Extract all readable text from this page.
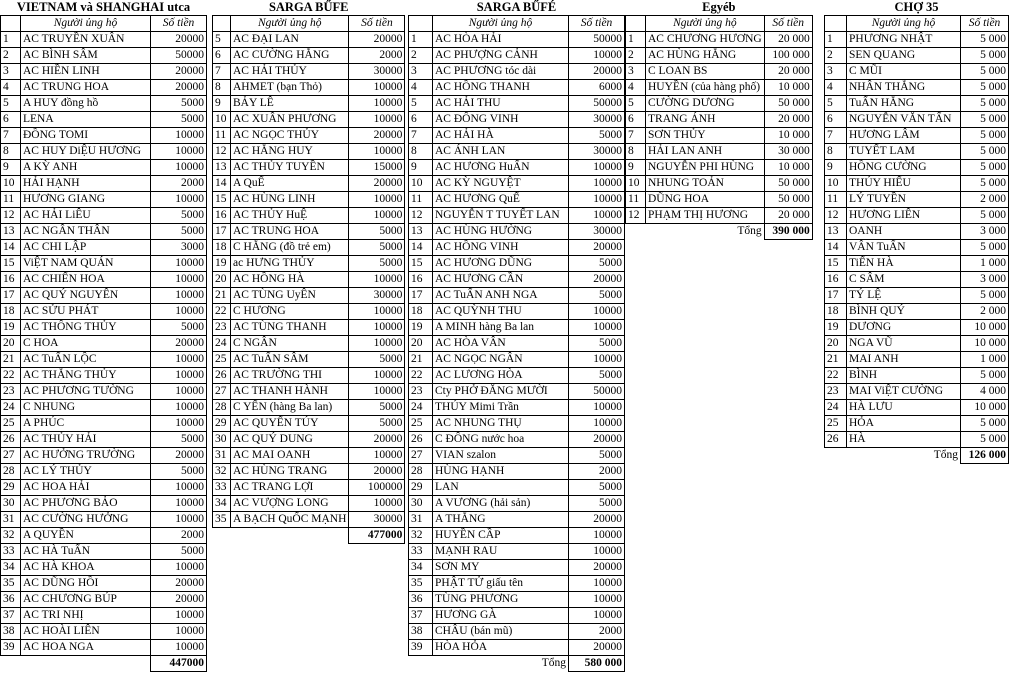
VIETNAM và SHANGHAI utca		
	Người ủng hộ	Số tiền
1	AC TRUYỀN XUÂN	20000
2	AC BÌNH SÂM	50000
3	AC HIỀN LINH	20000
4	AC TRUNG HOA	20000
5	A HUY đồng hồ	5000
6	LENA	5000
7	ĐỒNG TOMI	10000
8	AC HUY DiỆU HƯƠNG	10000
9	A KỲ ANH	10000
10	HẢI HẠNH	2000
11	HƯƠNG GIANG	10000
12	AC HẢI LiÊU	5000
13	AC NGÂN THÂN	5000
14	AC CHI LẬP	3000
15	ViỆT NAM QUÁN	10000
16	AC CHIẾN HOA	10000
17	AC QUÝ NGUYÊN	10000
18	AC SỬU PHÁT	10000
19	AC THÔNG THỦY	5000
20	C HOA	20000
21	AC TuẤN LỘC	10000
22	AC THẮNG THỦY	10000
23	AC PHƯƠNG TƯỜNG	10000
24	C NHUNG	10000
25	A PHÚC	10000
26	AC THỦY HẢI	5000
27	AC HƯỞNG TRƯỜNG	20000
28	AC LÝ THỦY	5000
29	AC HOA HẢI	10000
30	AC PHƯƠNG BẢO	10000
31	AC CƯỜNG HƯỞNG	10000
32	A QUYỀN	2000
33	AC HÀ TuẤN	5000
34	AC HÀ KHOA	10000
35	AC DŨNG HỒI	20000
36	AC CHƯƠNG BÚP	20000
37	AC TRI NHỊ	10000
38	AC HOÀI LIÊN	10000
39	AC HOA NGA	10000
		447000
SARGA BŰFE		
	Người ủng hộ	Số tiền
5	AC ĐẠI LAN	20000
6	AC CƯỜNG HẰNG	2000
7	AC HẢI THỦY	30000
8	AHMET (bạn Thỏ)	10000
9	BẢY LÊ	10000
10	AC XUÂN PHƯƠNG	10000
11	AC NGỌC THỦY	20000
12	AC HẰNG HUY	10000
13	AC THỦY TUYỀN	15000
14	A QuẾ	20000
15	AC HÙNG LINH	10000
16	AC THỦY HuỆ	10000
17	AC TRUNG HOA	5000
18	C HẰNG (đồ trẻ em)	5000
19	ac HƯNG THỦY	5000
20	AC HỒNG HÀ	10000
21	AC TÙNG UyÊN	30000
22	C HƯƠNG	10000
23	AC TÙNG THANH	10000
24	C NGÂN	10000
25	AC TuẤN SÂM	5000
26	AC TRƯỜNG THI	10000
27	AC THANH HÀNH	10000
28	C YẾN (hàng Ba lan)	5000
29	AC QUYẾN TÚY	5000
30	AC QUÝ DUNG	20000
31	AC MAI OANH	10000
32	AC HÙNG TRANG	20000
33	AC TRANG LỢI	100000
34	AC VƯỢNG LONG	10000
35	A BẠCH QuỐC MẠNH	30000
		477000
SARGA BŰFÉ		
	Người ủng hộ	Số tiền
1	AC HÒA HẢI	50000
2	AC PHƯỢNG CẢNH	10000
3	AC PHƯƠNG tóc dài	20000
4	AC HỒNG THANH	6000
5	AC HẢI THU	50000
6	AC ĐÔNG VINH	30000
7	AC HẢI HÀ	5000
8	AC ÁNH LAN	30000
9	AC HƯƠNG HuẤN	10000
10	AC KỲ NGUYỆT	10000
11	AC HƯƠNG QuẾ	10000
12	NGUYỄN T TUYẾT LAN	10000
13	AC HÙNG HƯỜNG	30000
14	AC HỒNG VINH	20000
15	AC HƯƠNG DŨNG	5000
16	AC HƯƠNG CẦN	20000
17	AC TuẤN ANH NGA	5000
18	AC QUỲNH THU	10000
19	A MINH hàng Ba lan	10000
20	AC HÒA VÂN	5000
21	AC NGỌC NGÂN	10000
22	AC LƯƠNG HÒA	5000
23	Cty PHỞ ĐĂNG MƯỜI	50000
24	THÚY Mimi Trần	10000
25	AC NHUNG THỤ	10000
26	C ĐÔNG nước hoa	20000
27	VIAN szalon	5000
28	HÙNG HẠNH	2000
29	LAN	5000
30	A VƯƠNG (hải sản)	5000
31	A THẮNG	20000
32	HUYỀN CẦP	10000
33	MẠNH RAU	10000
34	SƠN MY	20000
35	PHẬT TỬ giấu tên	10000
36	TÙNG PHƯƠNG	10000
37	HƯƠNG GÀ	10000
38	CHÂU (bán mũ)	2000
39	HÒA HỎA	20000
Tổng		580 000
Egyéb		
	Người ủng hộ	Số tiền
1	AC CHƯƠNG HƯƠNG	20 000
2	AC HÙNG HẰNG	100 000
3	C LOAN BS	20 000
4	HUYỀN (của hàng phố)	10 000
5	CƯỜNG DƯƠNG	50 000
6	TRANG ÁNH	20 000
7	SƠN THỦY	10 000
8	HẢI LAN ANH	30 000
9	NGUYỄN PHI HÙNG	10 000
10	NHUNG TOẢN	50 000
11	DŨNG HOA	50 000
12	PHẠM THỊ HƯƠNG	20 000
Tổng		390 000
CHỢ 35		
	Người ủng hộ	Số tiền
1	PHƯƠNG NHẬT	5 000
2	SEN QUANG	5 000
3	C MŨI	5 000
4	NHÂN THẮNG	5 000
5	TuẤN HẰNG	5 000
6	NGUYỄN VĂN TẤN	5 000
7	HƯƠNG LÂM	5 000
8	TUYẾT LAM	5 000
9	HỒNG CƯỜNG	5 000
10	THÚY HIẾU	5 000
11	LÝ TUYỀN	2 000
12	HƯƠNG LIÊN	5 000
13	OANH	3 000
14	VÂN TuẤN	5 000
15	TiẾN HÀ	1 000
16	C SÂM	3 000
17	TÝ LỆ	5 000
18	BÌNH QUÝ	2 000
19	DƯƠNG	10 000
20	NGA VŨ	10 000
21	MAI ANH	1 000
22	BÌNH	5 000
23	MAI ViỆT CƯỜNG	4 000
24	HÀ LƯU	10 000
25	HỎA	5 000
26	HÀ	5 000
Tổng		126 000
